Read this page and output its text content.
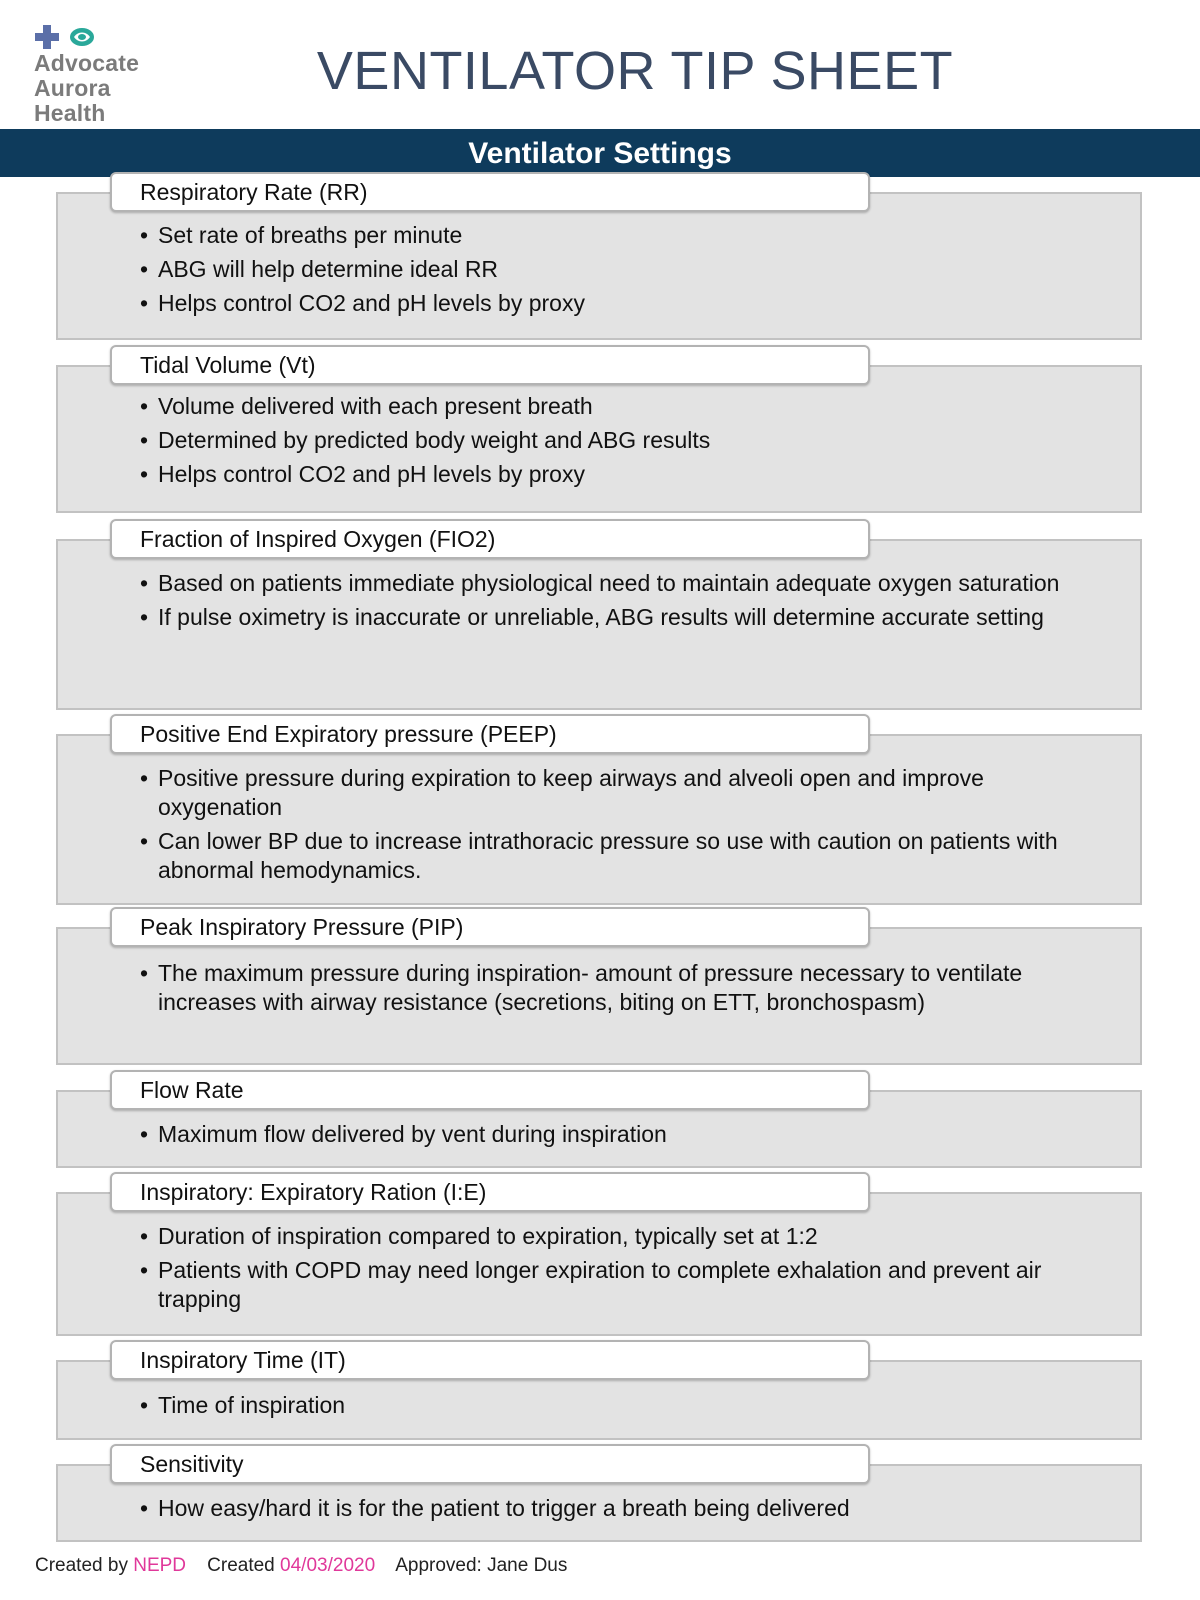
Advocate
Aurora
Health
VENTILATOR TIP SHEET
Ventilator Settings
Respiratory Rate (RR)
• Set rate of breaths per minute
• ABG will help determine ideal RR
• Helps control CO2 and pH levels by proxy
Tidal Volume (Vt)
• Volume delivered with each present breath
• Determined by predicted body weight and ABG results
• Helps control CO2 and pH levels by proxy
Fraction of Inspired Oxygen (FIO2)
• Based on patients immediate physiological need to maintain adequate oxygen saturation
• If pulse oximetry is inaccurate or unreliable, ABG results will determine accurate setting
Positive End Expiratory pressure (PEEP)
• Positive pressure during expiration to keep airways and alveoli open and improve oxygenation
• Can lower BP due to increase intrathoracic pressure so use with caution on patients with abnormal hemodynamics.
Peak Inspiratory Pressure (PIP)
• The maximum pressure during inspiration- amount of pressure necessary to ventilate increases with airway resistance (secretions, biting on ETT, bronchospasm)
Flow Rate
• Maximum flow delivered by vent during inspiration
Inspiratory: Expiratory Ration (I:E)
• Duration of inspiration compared to expiration, typically set at 1:2
• Patients with COPD may need longer expiration to complete exhalation and prevent air trapping
Inspiratory Time (IT)
• Time of inspiration
Sensitivity
• How easy/hard it is for the patient to trigger a breath being delivered
Created by NEPD Created 04/03/2020 Approved: Jane Dus
